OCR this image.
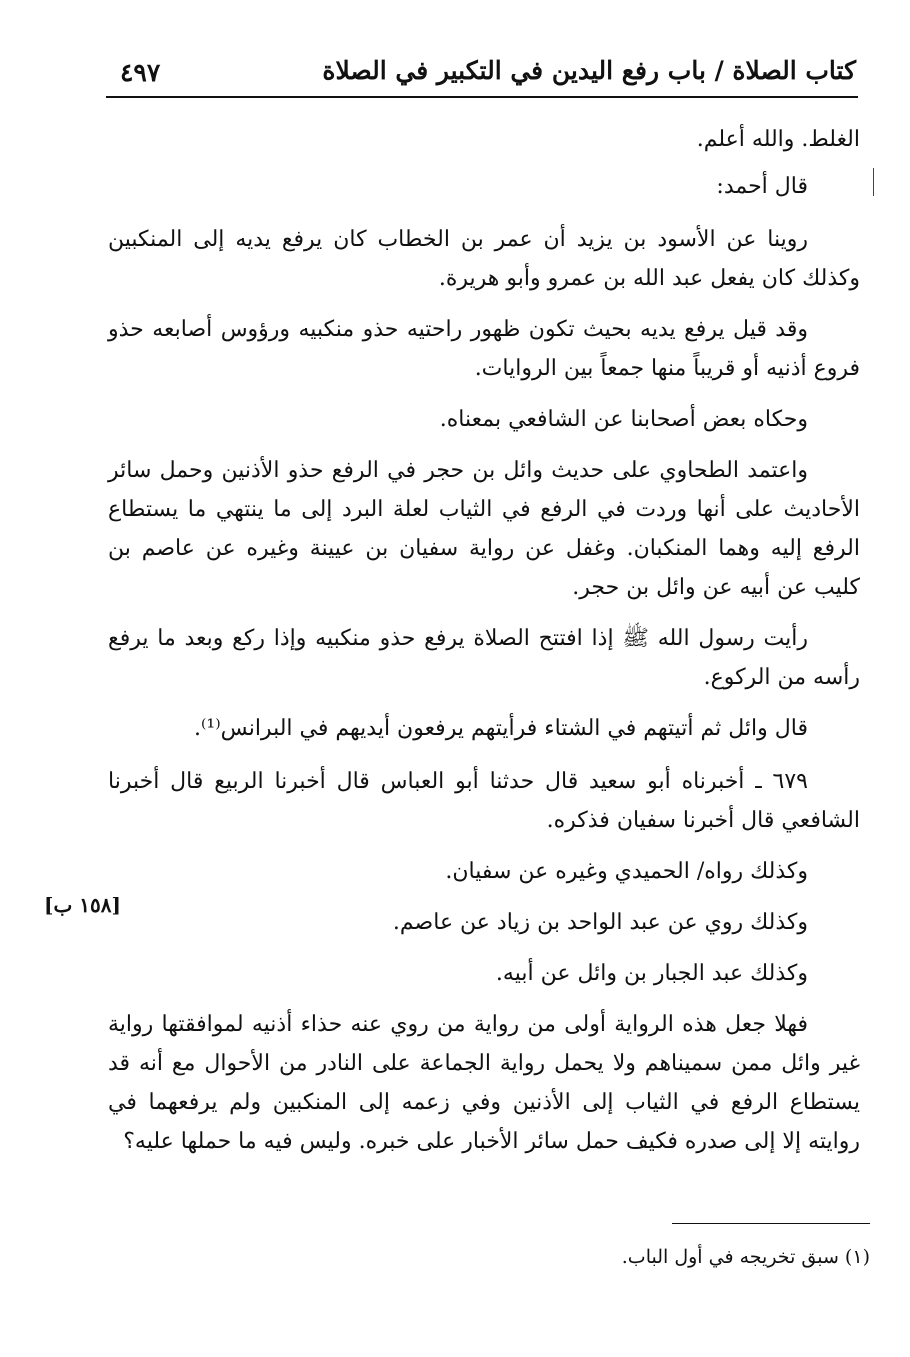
كتاب الصلاة / باب رفع اليدين في التكبير في الصلاة
٤٩٧

الغلط. والله أعلم.

قال أحمد:

روينا عن الأسود بن يزيد أن عمر بن الخطاب كان يرفع يديه إلى المنكبين وكذلك كان يفعل عبد الله بن عمرو وأبو هريرة.

وقد قيل يرفع يديه بحيث تكون ظهور راحتيه حذو منكبيه ورؤوس أصابعه حذو فروع أذنيه أو قريباً منها جمعاً بين الروايات.

وحكاه بعض أصحابنا عن الشافعي بمعناه.

واعتمد الطحاوي على حديث وائل بن حجر في الرفع حذو الأذنين وحمل سائر الأحاديث على أنها وردت في الرفع في الثياب لعلة البرد إلى ما ينتهي ما يستطاع الرفع إليه وهما المنكبان. وغفل عن رواية سفيان بن عيينة وغيره عن عاصم بن كليب عن أبيه عن وائل بن حجر.

رأيت رسول الله ﷺ إذا افتتح الصلاة يرفع حذو منكبيه وإذا ركع وبعد ما يرفع رأسه من الركوع.

قال وائل ثم أتيتهم في الشتاء فرأيتهم يرفعون أيديهم في البرانس⁽¹⁾.

٦٧٩ ـ أخبرناه أبو سعيد قال حدثنا أبو العباس قال أخبرنا الربيع قال أخبرنا الشافعي قال أخبرنا سفيان فذكره.

وكذلك رواه/ الحميدي وغيره عن سفيان.

وكذلك روي عن عبد الواحد بن زياد عن عاصم.

وكذلك عبد الجبار بن وائل عن أبيه.

فهلا جعل هذه الرواية أولى من رواية من روي عنه حذاء أذنيه لموافقتها رواية غير وائل ممن سميناهم ولا يحمل رواية الجماعة على النادر من الأحوال مع أنه قد يستطاع الرفع في الثياب إلى الأذنين وفي زعمه إلى المنكبين ولم يرفعهما في روايته إلا إلى صدره فكيف حمل سائر الأخبار على خبره. وليس فيه ما حملها عليه؟

[١٥٨ ب]
(١) سبق تخريجه في أول الباب.
